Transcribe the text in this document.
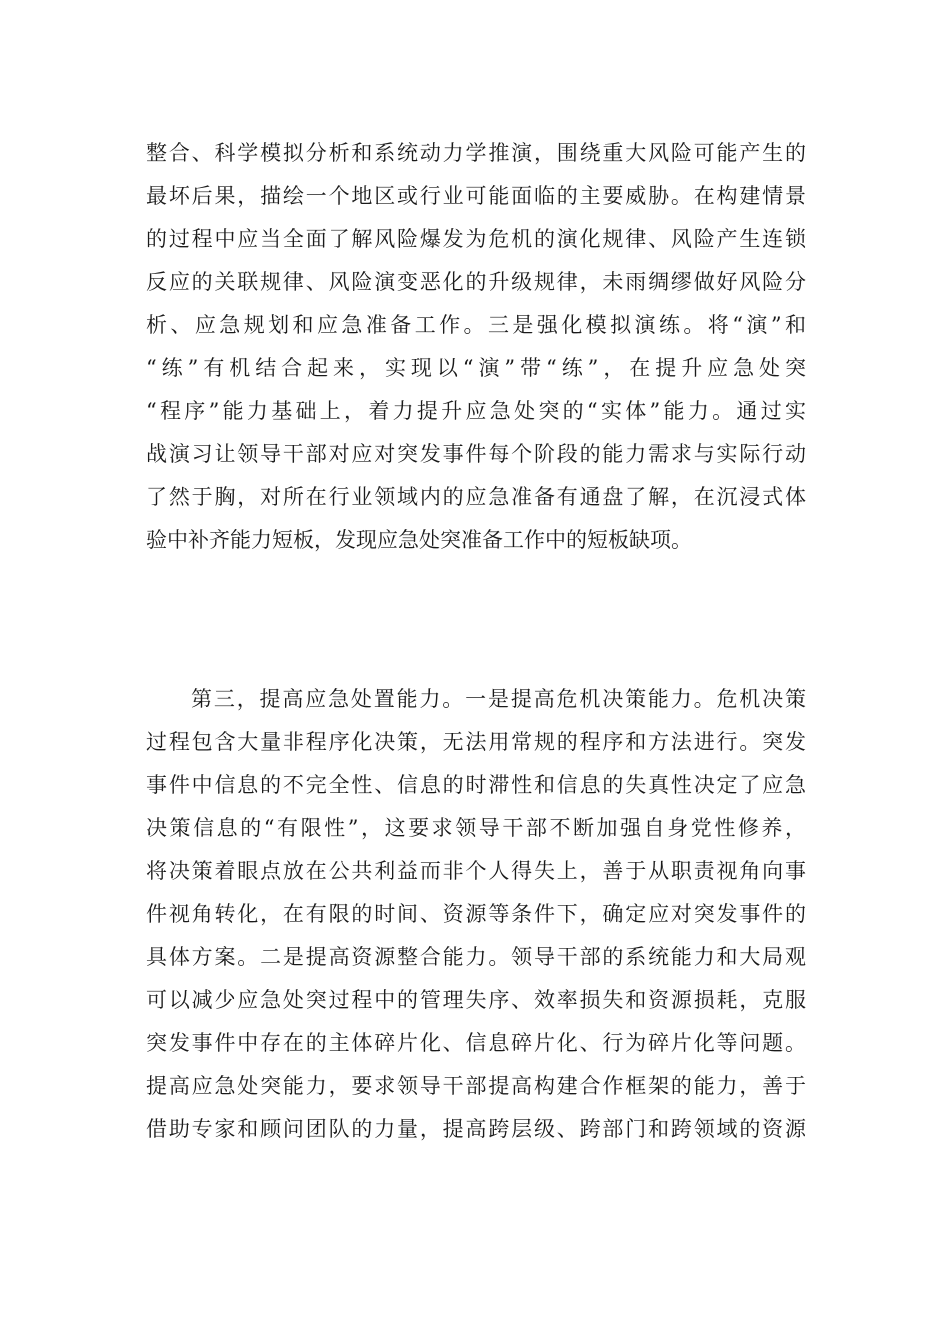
整合、科学模拟分析和系统动力学推演，围绕重大风险可能产生的
最坏后果，描绘一个地区或行业可能面临的主要威胁。在构建情景
的过程中应当全面了解风险爆发为危机的演化规律、风险产生连锁
反应的关联规律、风险演变恶化的升级规律，未雨绸缪做好风险分
析、应急规划和应急准备工作。三是强化模拟演练。将“演”和
“练”有机结合起来，实现以“演”带“练”，在提升应急处突
“程序”能力基础上，着力提升应急处突的“实体”能力。通过实
战演习让领导干部对应对突发事件每个阶段的能力需求与实际行动
了然于胸，对所在行业领域内的应急准备有通盘了解，在沉浸式体
验中补齐能力短板，发现应急处突准备工作中的短板缺项。
第三，提高应急处置能力。一是提高危机决策能力。危机决策
过程包含大量非程序化决策，无法用常规的程序和方法进行。突发
事件中信息的不完全性、信息的时滞性和信息的失真性决定了应急
决策信息的“有限性”，这要求领导干部不断加强自身党性修养，
将决策着眼点放在公共利益而非个人得失上，善于从职责视角向事
件视角转化，在有限的时间、资源等条件下，确定应对突发事件的
具体方案。二是提高资源整合能力。领导干部的系统能力和大局观
可以减少应急处突过程中的管理失序、效率损失和资源损耗，克服
突发事件中存在的主体碎片化、信息碎片化、行为碎片化等问题。
提高应急处突能力，要求领导干部提高构建合作框架的能力，善于
借助专家和顾问团队的力量，提高跨层级、跨部门和跨领域的资源
